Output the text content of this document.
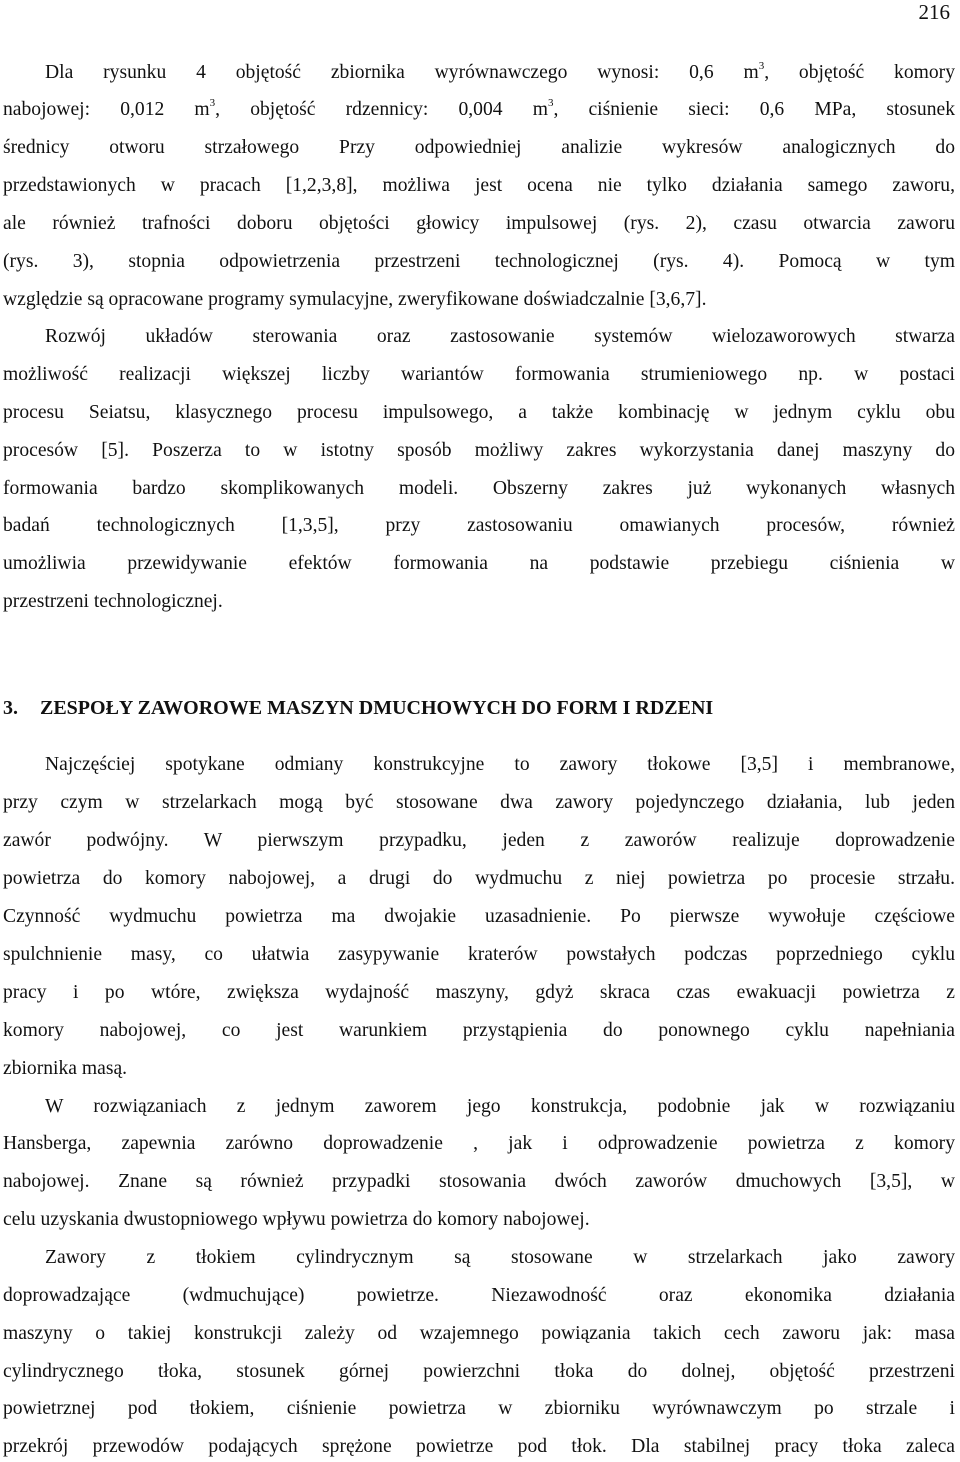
216
Dla rysunku 4 objętość zbiornika wyrównawczego wynosi: 0,6 $m^3$, objętość komory
nabojowej: 0,012 $m^3$, objętość rdzennicy: 0,004 $m^3$, ciśnienie sieci: 0,6 MPa, stosunek
średnicy otworu strzałowego Przy odpowiedniej analizie wykresów analogicznych do
przedstawionych w pracach [1,2,3,8], możliwa jest ocena nie tylko działania samego zaworu,
ale również trafności doboru objętości głowicy impulsowej (rys. 2), czasu otwarcia zaworu
(rys. 3), stopnia odpowietrzenia przestrzeni technologicznej (rys. 4). Pomocą w tym
względzie są opracowane programy symulacyjne, zweryfikowane doświadczalnie [3,6,7].
Rozwój układów sterowania oraz zastosowanie systemów wielozaworowych stwarza
możliwość realizacji większej liczby wariantów formowania strumieniowego np. w postaci
procesu Seiatsu, klasycznego procesu impulsowego, a także kombinację w jednym cyklu obu
procesów [5]. Poszerza to w istotny sposób możliwy zakres wykorzystania danej maszyny do
formowania bardzo skomplikowanych modeli. Obszerny zakres już wykonanych własnych
badań technologicznych [1,3,5], przy zastosowaniu omawianych procesów, również
umożliwia przewidywanie efektów formowania na podstawie przebiegu ciśnienia w
przestrzeni technologicznej.
3. ZESPOŁY ZAWOROWE MASZYN DMUCHOWYCH DO FORM I RDZENI
Najczęściej spotykane odmiany konstrukcyjne to zawory tłokowe [3,5] i membranowe,
przy czym w strzelarkach mogą być stosowane dwa zawory pojedynczego działania, lub jeden
zawór podwójny. W pierwszym przypadku, jeden z zaworów realizuje doprowadzenie
powietrza do komory nabojowej, a drugi do wydmuchu z niej powietrza po procesie strzału.
Czynność wydmuchu powietrza ma dwojakie uzasadnienie. Po pierwsze wywołuje częściowe
spulchnienie masy, co ułatwia zasypywanie kraterów powstałych podczas poprzedniego cyklu
pracy i po wtóre, zwiększa wydajność maszyny, gdyż skraca czas ewakuacji powietrza z
komory nabojowej, co jest warunkiem przystąpienia do ponownego cyklu napełniania
zbiornika masą.
W rozwiązaniach z jednym zaworem jego konstrukcja, podobnie jak w rozwiązaniu
Hansberga, zapewnia zarówno doprowadzenie , jak i odprowadzenie powietrza z komory
nabojowej. Znane są również przypadki stosowania dwóch zaworów dmuchowych [3,5], w
celu uzyskania dwustopniowego wpływu powietrza do komory nabojowej.
Zawory z tłokiem cylindrycznym są stosowane w strzelarkach jako zawory
doprowadzające (wdmuchujące) powietrze. Niezawodność oraz ekonomika działania
maszyny o takiej konstrukcji zależy od wzajemnego powiązania takich cech zaworu jak: masa
cylindrycznego tłoka, stosunek górnej powierzchni tłoka do dolnej, objętość przestrzeni
powietrznej pod tłokiem, ciśnienie powietrza w zbiorniku wyrównawczym po strzale i
przekrój przewodów podających sprężone powietrze pod tłok. Dla stabilnej pracy tłoka zaleca
